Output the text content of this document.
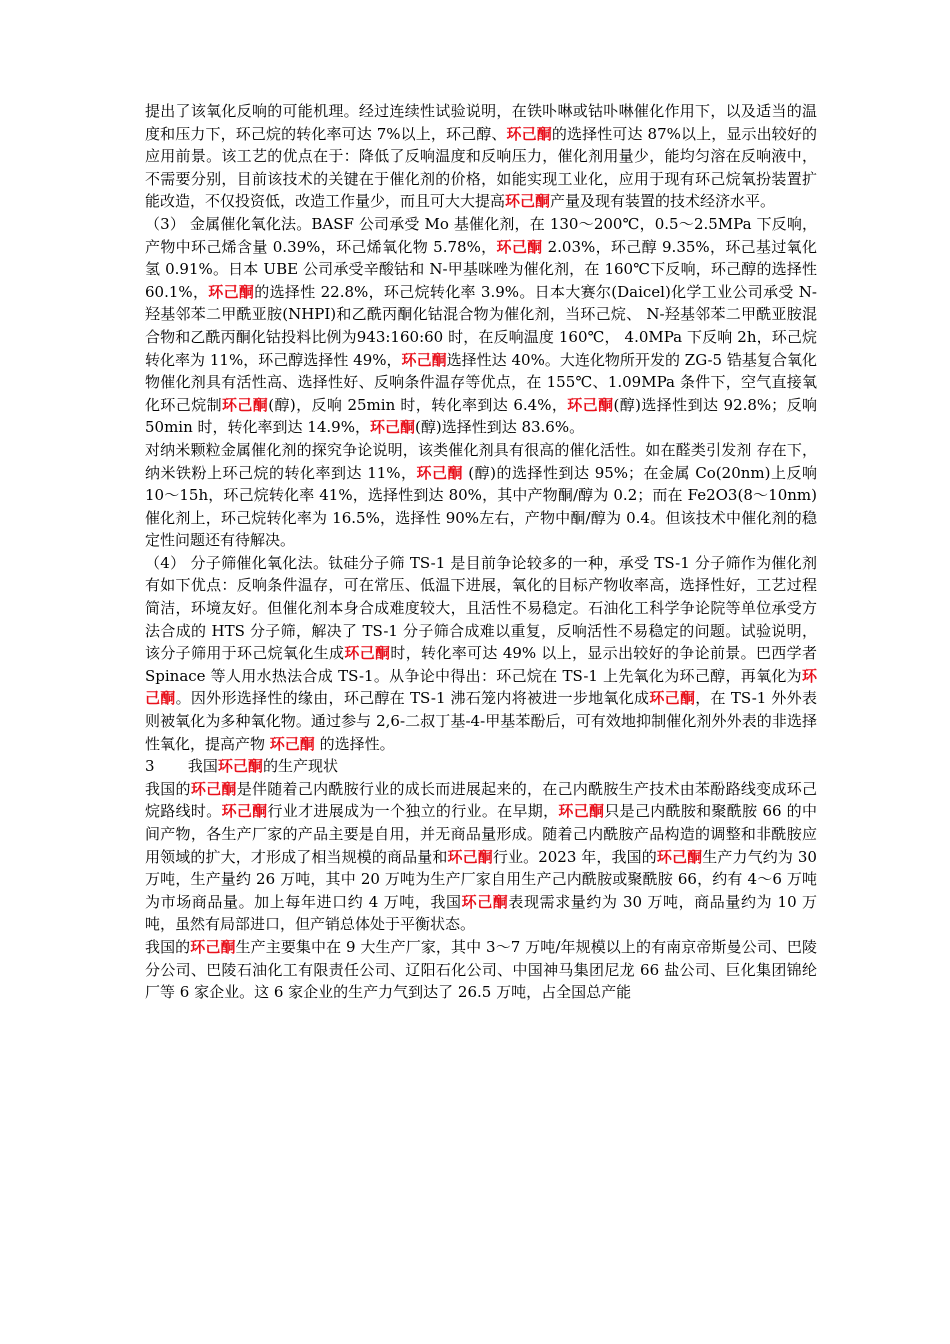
提出了该氧化反响的可能机理。经过连续性试验说明，在铁卟啉或钴卟啉催化作用下，以及适当的温度和压力下，环己烷的转化率可达 7%以上，环己醇、环己酮的选择性可达 87%以上，显示出较好的应用前景。该工艺的优点在于：降低了反响温度和反响压力，催化剂用量少，能均匀溶在反响液中，不需要分别，目前该技术的关键在于催化剂的价格，如能实现工业化，应用于现有环己烷氧扮装置扩能改造，不仅投资低，改造工作量少，而且可大大提高环己酮产量及现有装置的技术经济水平。

（3） 金属催化氧化法。BASF 公司承受 Mo 基催化剂，在 130～200℃，0.5～2.5MPa 下反响，产物中环己烯含量 0.39%，环己烯氧化物 5.78%，环己酮 2.03%，环己醇 9.35%，环己基过氧化氢 0.91%。日本 UBE 公司承受辛酸钴和 N-甲基咪唑为催化剂，在 160℃下反响，环己醇的选择性 60.1%，环己酮的选择性 22.8%，环己烷转化率 3.9%。日本大赛尔(Daicel)化学工业公司承受 N-羟基邻苯二甲酰亚胺(NHPI)和乙酰丙酮化钴混合物为催化剂，当环己烷、 N-羟基邻苯二甲酰亚胺混合物和乙酰丙酮化钴投料比例为943:160:60 时，在反响温度 160℃， 4.0MPa 下反响 2h，环己烷转化率为 11%，环己醇选择性 49%，环己酮选择性达 40%。大连化物所开发的 ZG-5 锆基复合氧化物催化剂具有活性高、选择性好、反响条件温存等优点，在 155℃、1.09MPa 条件下，空气直接氧化环己烷制环己酮(醇)，反响 25min 时，转化率到达 6.4%，环己酮(醇)选择性到达 92.8%；反响 50min 时，转化率到达 14.9%，环己酮(醇)选择性到达 83.6%。

对纳米颗粒金属催化剂的探究争论说明，该类催化剂具有很高的催化活性。如在醛类引发剂 存在下，纳米铁粉上环己烷的转化率到达 11%，环己酮 (醇)的选择性到达 95%；在金属 Co(20nm)上反响 10～15h，环己烷转化率 41%，选择性到达 80%，其中产物酮/醇为 0.2；而在 Fe2O3(8～10nm)催化剂上，环己烷转化率为 16.5%，选择性 90%左右，产物中酮/醇为 0.4。但该技术中催化剂的稳定性问题还有待解决。

（4） 分子筛催化氧化法。钛硅分子筛 TS-1 是目前争论较多的一种，承受 TS-1 分子筛作为催化剂有如下优点：反响条件温存，可在常压、低温下进展，氧化的目标产物收率高，选择性好，工艺过程简洁，环境友好。但催化剂本身合成难度较大，且活性不易稳定。石油化工科学争论院等单位承受方法合成的 HTS 分子筛，解决了 TS-1 分子筛合成难以重复，反响活性不易稳定的问题。试验说明，该分子筛用于环己烷氧化生成环己酮时，转化率可达 49% 以上，显示出较好的争论前景。巴西学者 Spinace 等人用水热法合成 TS-1。从争论中得出：环己烷在 TS-1 上先氧化为环己醇，再氧化为环己酮。因外形选择性的缘由，环己醇在 TS-1 沸石笼内将被进一步地氧化成环己酮，在 TS-1 外外表则被氧化为多种氧化物。通过参与 2,6-二叔丁基-4-甲基苯酚后，可有效地抑制催化剂外外表的非选择性氧化，提高产物 环己酮 的选择性。

3       我国环己酮的生产现状

我国的环己酮是伴随着己内酰胺行业的成长而进展起来的，在己内酰胺生产技术由苯酚路线变成环己烷路线时。环己酮行业才进展成为一个独立的行业。在早期，环己酮只是己内酰胺和聚酰胺 66 的中间产物，各生产厂家的产品主要是自用，并无商品量形成。随着己内酰胺产品构造的调整和非酰胺应用领域的扩大，才形成了相当规模的商品量和环己酮行业。2023 年，我国的环己酮生产力气约为 30 万吨，生产量约 26 万吨，其中 20 万吨为生产厂家自用生产己内酰胺或聚酰胺 66，约有 4～6 万吨为市场商品量。加上每年进口约 4 万吨，我国环己酮表现需求量约为 30 万吨，商品量约为 10 万吨，虽然有局部进口，但产销总体处于平衡状态。

我国的环己酮生产主要集中在 9 大生产厂家，其中 3～7 万吨/年规模以上的有南京帝斯曼公司、巴陵分公司、巴陵石油化工有限责任公司、辽阳石化公司、中国神马集团尼龙 66 盐公司、巨化集团锦纶厂等 6 家企业。这 6 家企业的生产力气到达了 26.5 万吨，占全国总产能
